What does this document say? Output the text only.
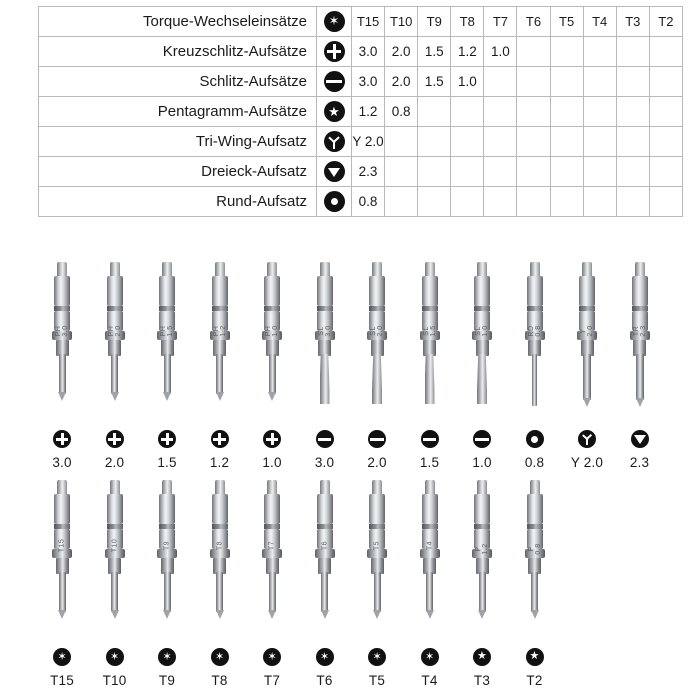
Torque-Wechseleinsätze	✶	T15	T10	T9	T8	T7	T6	T5	T4	T3	T2
Kreuzschlitz-Aufsätze		3.0	2.0	1.5	1.2	1.0					
Schlitz-Aufsätze		3.0	2.0	1.5	1.0						
Pentagramm-Aufsätze	★	1.2	0.8								
Tri-Wing-Aufsatz		Y 2.0									
Dreieck-Aufsatz		2.3									
Rund-Aufsatz		0.8									
PH 3.0
3.0
PH 2.0
2.0
PH 1.5
1.5
PH 1.2
1.2
PH 1.0
1.0
SL 3.0
3.0
SL 2.0
2.0
SL 1.5
1.5
SL 1.0
1.0
RD 0.8
0.8
Y 2.0
Y 2.0
TR 2.3
2.3
T15
✶
T15
T10
✶
T10
T9
✶
T9
T8
✶
T8
T7
✶
T7
T6
✶
T6
T5
✶
T5
T4
✶
T4
P 1.2
★
T3
P 0.8
★
T2
